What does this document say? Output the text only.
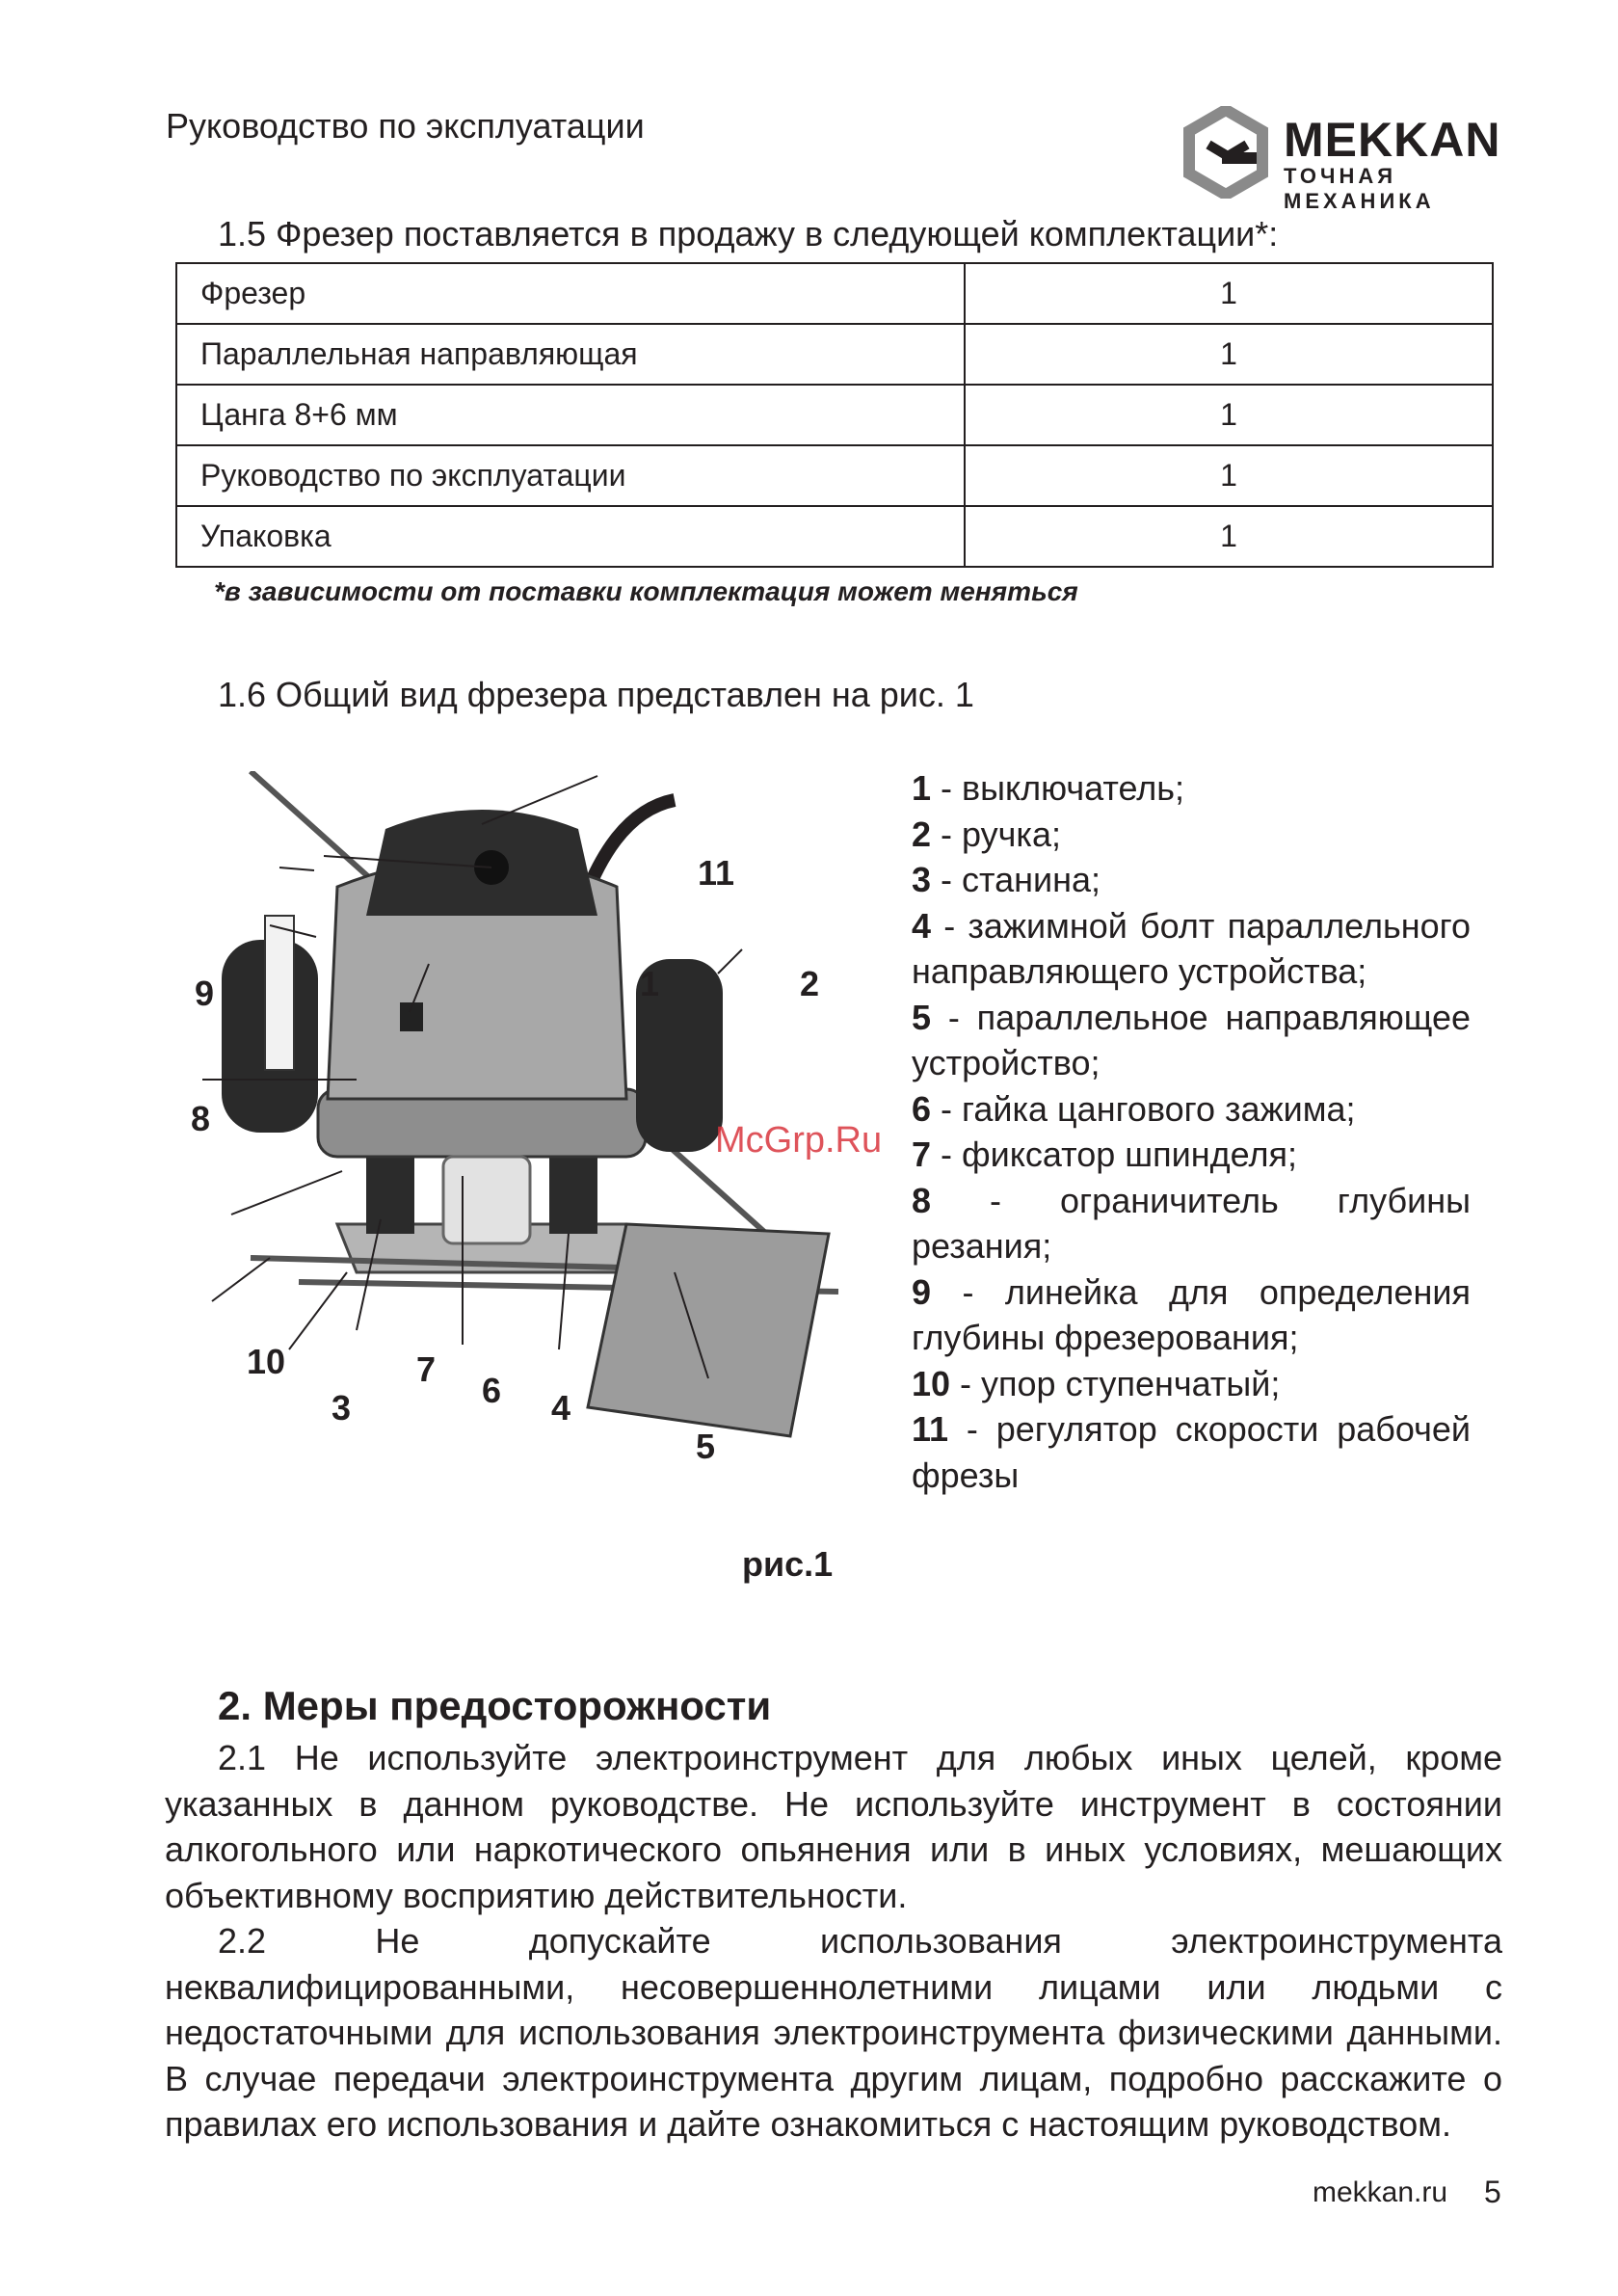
Руководство по эксплуатации	MEKKAN
ТОЧНАЯ МЕХАНИКА
1.5 Фрезер поставляется в продажу в следующей комплектации*:
Фрезер	1
Параллельная направляющая	1
Цанга 8+6 мм	1
Руководство по эксплуатации	1
Упаковка	1
*в зависимости от поставки комплектация может меняться
1.6 Общий вид фрезера представлен на рис. 1
11
9	1	2
8
10
3
7
6 4
5
1 - выключатель;
2 - ручка;
3 - станина;
4 - зажимной болт параллельного направляющего устройства;
5 - параллельное направляющее устройство;
6 - гайка цангового зажима;
7 - фиксатор шпинделя;
8 - ограничитель глубины резания;
9 - линейка для определения глубины фрезерования;
10 - упор ступенчатый;
11 - регулятор скорости рабочей фрезы
McGrp.Ru
рис.1
2. Меры предосторожности
2.1 Не используйте электроинструмент для любых иных целей, кроме указанных в данном руководстве. Не используйте инструмент в состоянии алкогольного или наркотического опьянения или в иных условиях, мешающих объективному восприятию действительности.
2.2 Не допускайте использования электроинструмента неквалифицированными, несовершеннолетними лицами или людьми с недостаточными для использования электроинструмента физическими данными. В случае передачи электроинструмента другим лицам, подробно расскажите о правилах его использования и дайте ознакомиться с настоящим руководством.
mekkan.ru 5
